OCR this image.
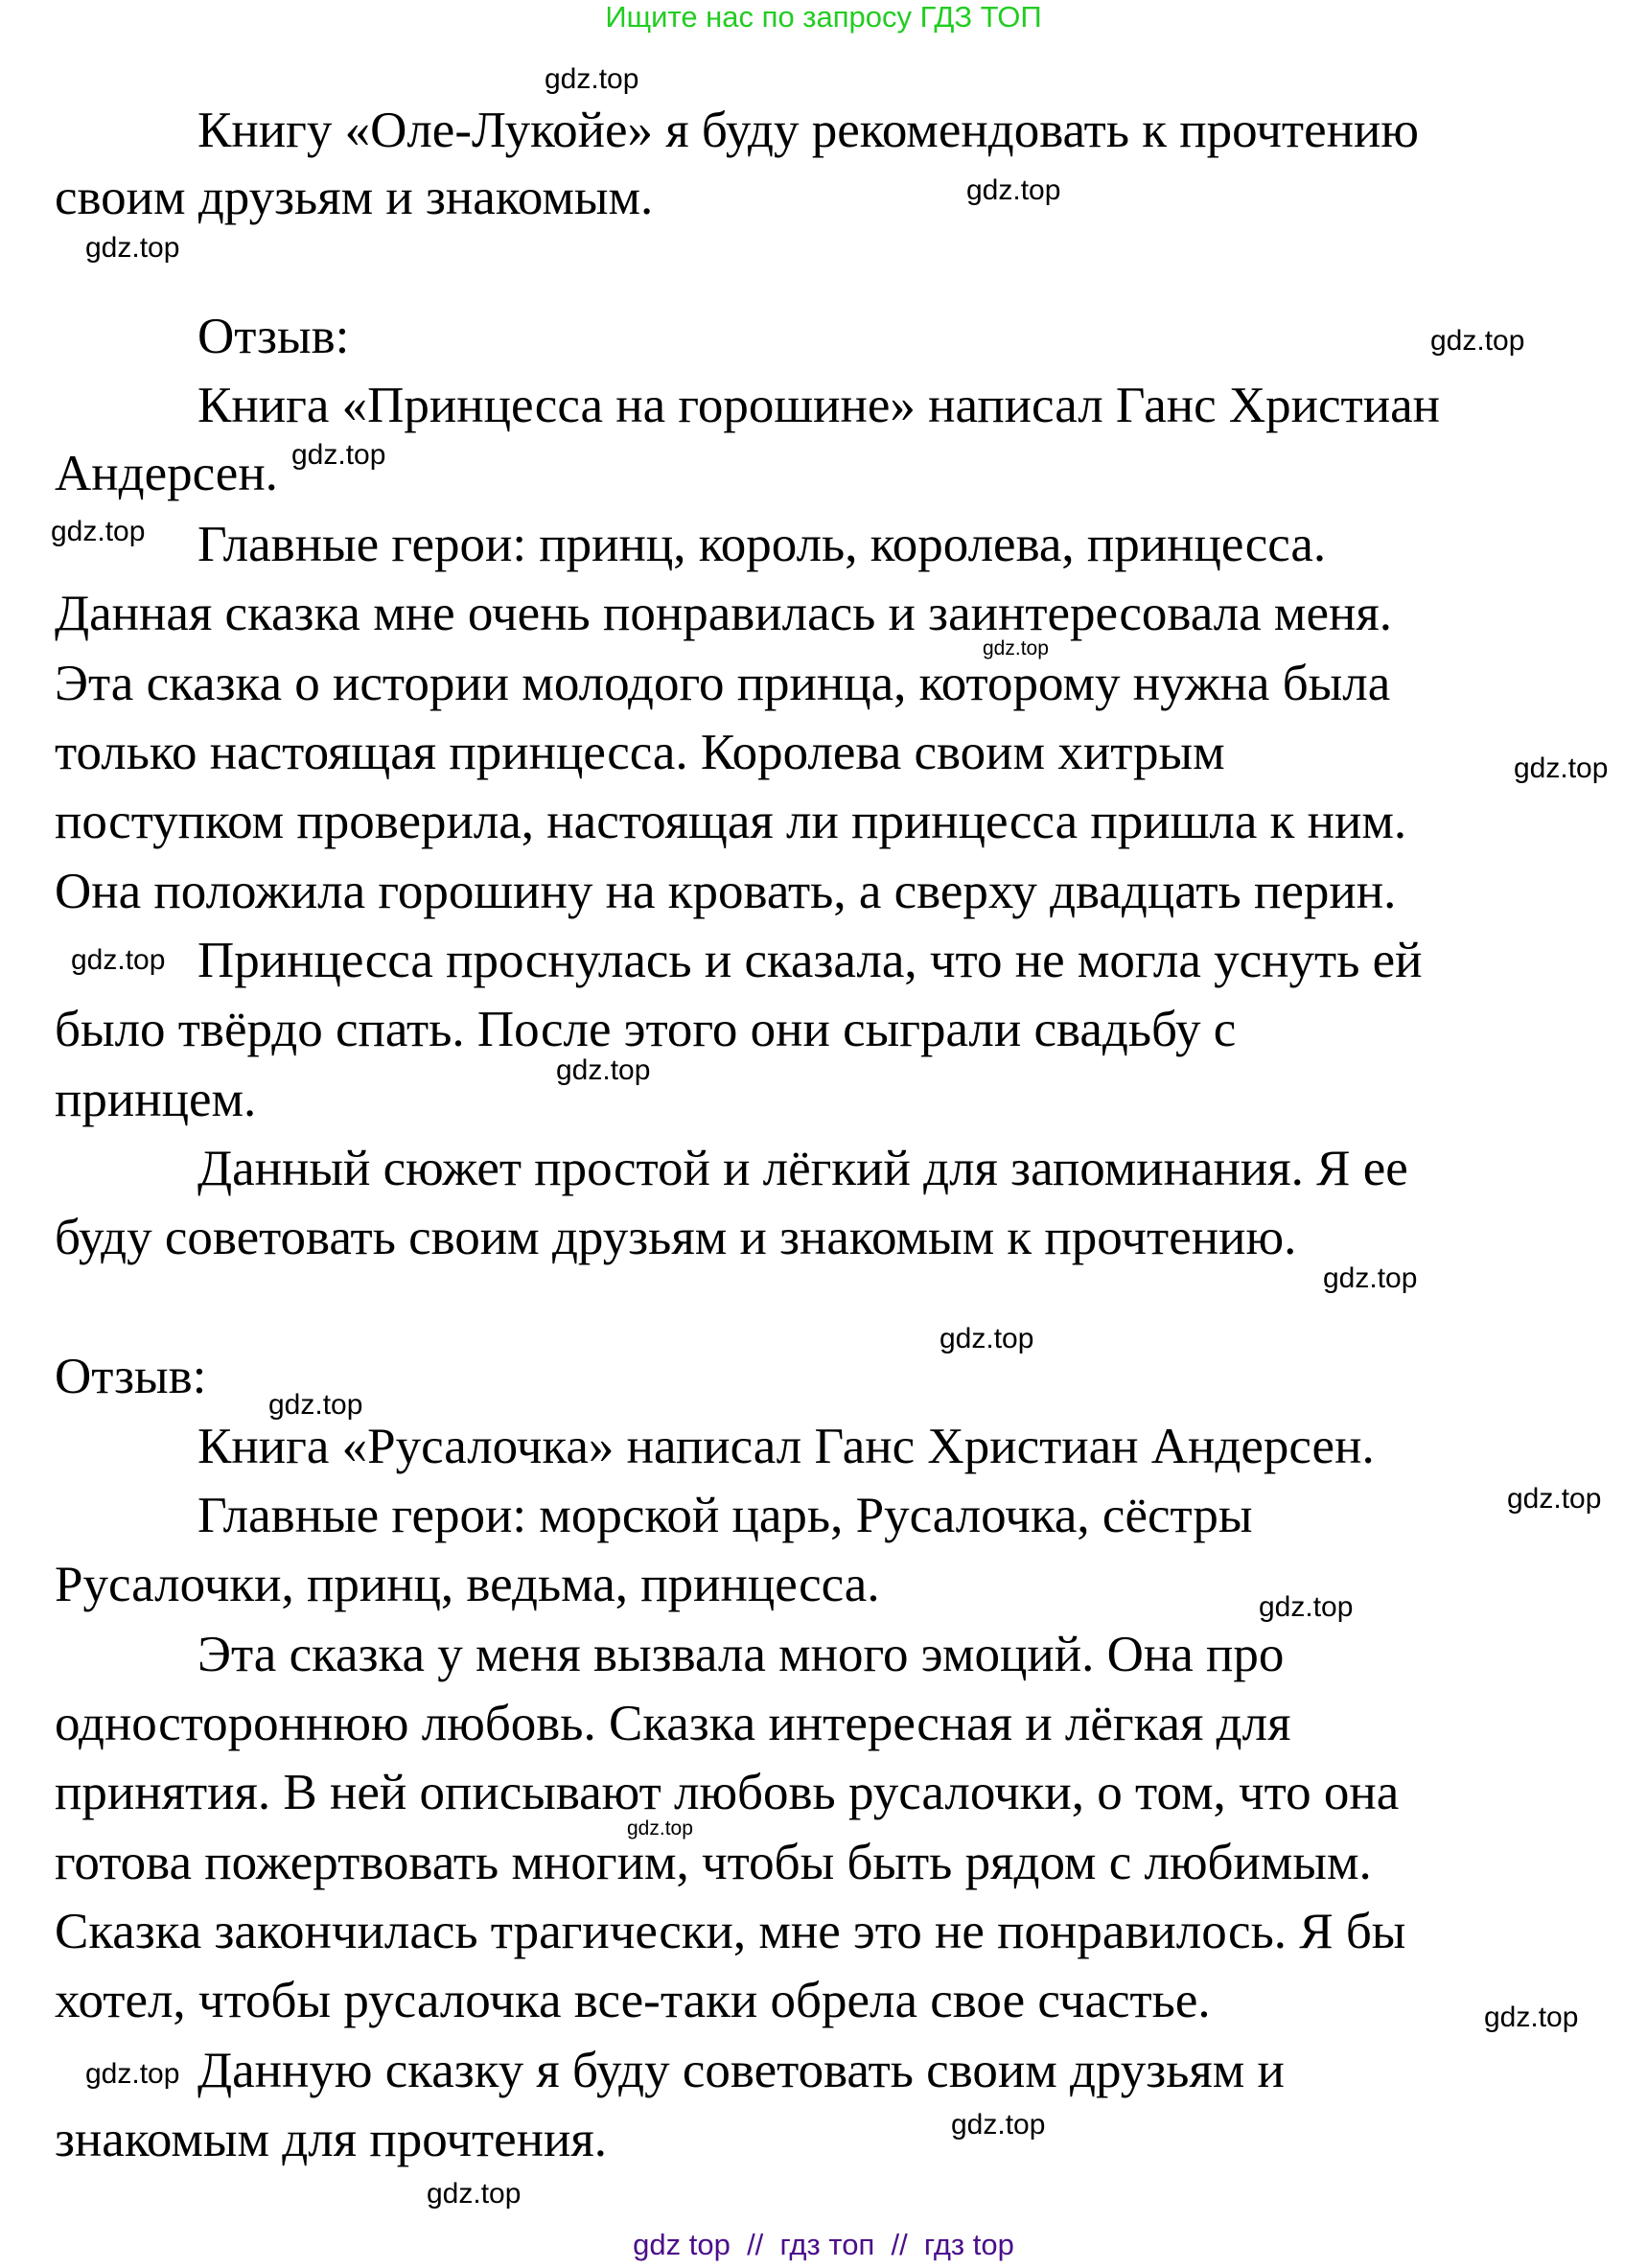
Ищите нас по запросу ГДЗ ТОП
Книгу «Оле-Лукойе» я буду рекомендовать к прочтению
своим друзьям и знакомым.
Отзыв:
Книга «Принцесса на горошине» написал Ганс Христиан
Андерсен.
Главные герои: принц, король, королева, принцесса.
Данная сказка мне очень понравилась и заинтересовала меня.
Эта сказка о истории молодого принца, которому нужна была
только настоящая принцесса. Королева своим хитрым
поступком проверила, настоящая ли принцесса пришла к ним.
Она положила горошину на кровать, а сверху двадцать перин.
Принцесса проснулась и сказала, что не могла уснуть ей
было твёрдо спать. После этого они сыграли свадьбу с
принцем.
Данный сюжет простой и лёгкий для запоминания. Я ее
буду советовать своим друзьям и знакомым к прочтению.
Отзыв:
Книга «Русалочка» написал Ганс Христиан Андерсен.
Главные герои: морской царь, Русалочка, сёстры
Русалочки, принц, ведьма, принцесса.
Эта сказка у меня вызвала много эмоций. Она про
одностороннюю любовь. Сказка интересная и лёгкая для
принятия. В ней описывают любовь русалочки, о том, что она
готова пожертвовать многим, чтобы быть рядом с любимым.
Сказка закончилась трагически, мне это не понравилось. Я бы
хотел, чтобы русалочка все-таки обрела свое счастье.
Данную сказку я буду советовать своим друзьям и
знакомым для прочтения.
gdz.top
gdz.top
gdz.top
gdz.top
gdz.top
gdz.top
gdz.top
gdz.top
gdz.top
gdz.top
gdz.top
gdz.top
gdz.top
gdz.top
gdz.top
gdz.top
gdz.top
gdz.top
gdz.top
gdz.top
gdz top  //  гдз топ  //  гдз top
